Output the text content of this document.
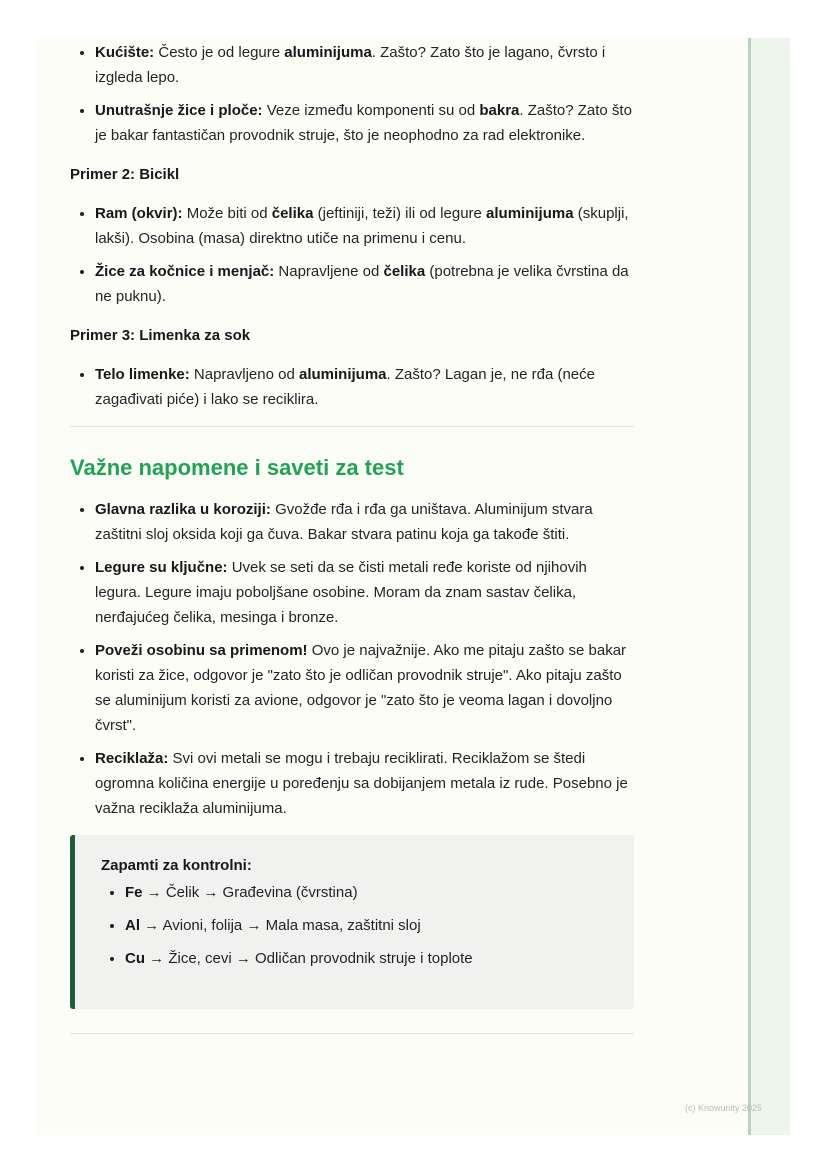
• Kućište: Često je od legure aluminijuma. Zašto? Zato što je lagano, čvrsto i izgleda lepo.
• Unutrašnje žice i ploče: Veze između komponenti su od bakra. Zašto? Zato što je bakar fantastičan provodnik struje, što je neophodno za rad elektronike.
Primer 2: Bicikl
• Ram (okvir): Može biti od čelika (jeftiniji, teži) ili od legure aluminijuma (skuplji, lakši). Osobina (masa) direktno utiče na primenu i cenu.
• Žice za kočnice i menjač: Napravljene od čelika (potrebna je velika čvrstina da ne puknu).
Primer 3: Limenka za sok
• Telo limenke: Napravljeno od aluminijuma. Zašto? Lagan je, ne rđa (neće zagađivati piće) i lako se reciklira.
Važne napomene i saveti za test
• Glavna razlika u koroziji: Gvožđe rđa i rđa ga uništava. Aluminijum stvara zaštitni sloj oksida koji ga čuva. Bakar stvara patinu koja ga takođe štiti.
• Legure su ključne: Uvek se seti da se čisti metali ređe koriste od njihovih legura. Legure imaju poboljšane osobine. Moram da znam sastav čelika, nerđajućeg čelika, mesinga i bronze.
• Poveži osobinu sa primenom! Ovo je najvažnije. Ako me pitaju zašto se bakar koristi za žice, odgovor je "zato što je odličan provodnik struje". Ako pitaju zašto se aluminijum koristi za avione, odgovor je "zato što je veoma lagan i dovoljno čvrst".
• Reciklaža: Svi ovi metali se mogu i trebaju reciklirati. Reciklažom se štedi ogromna količina energije u poređenju sa dobijanjem metala iz rude. Posebno je važna reciklaža aluminijuma.
Zapamti za kontrolni:
• Fe → Čelik → Građevina (čvrstina)
• Al → Avioni, folija → Mala masa, zaštitni sloj
• Cu → Žice, cevi → Odličan provodnik struje i toplote
(c) Knowunity 2025
